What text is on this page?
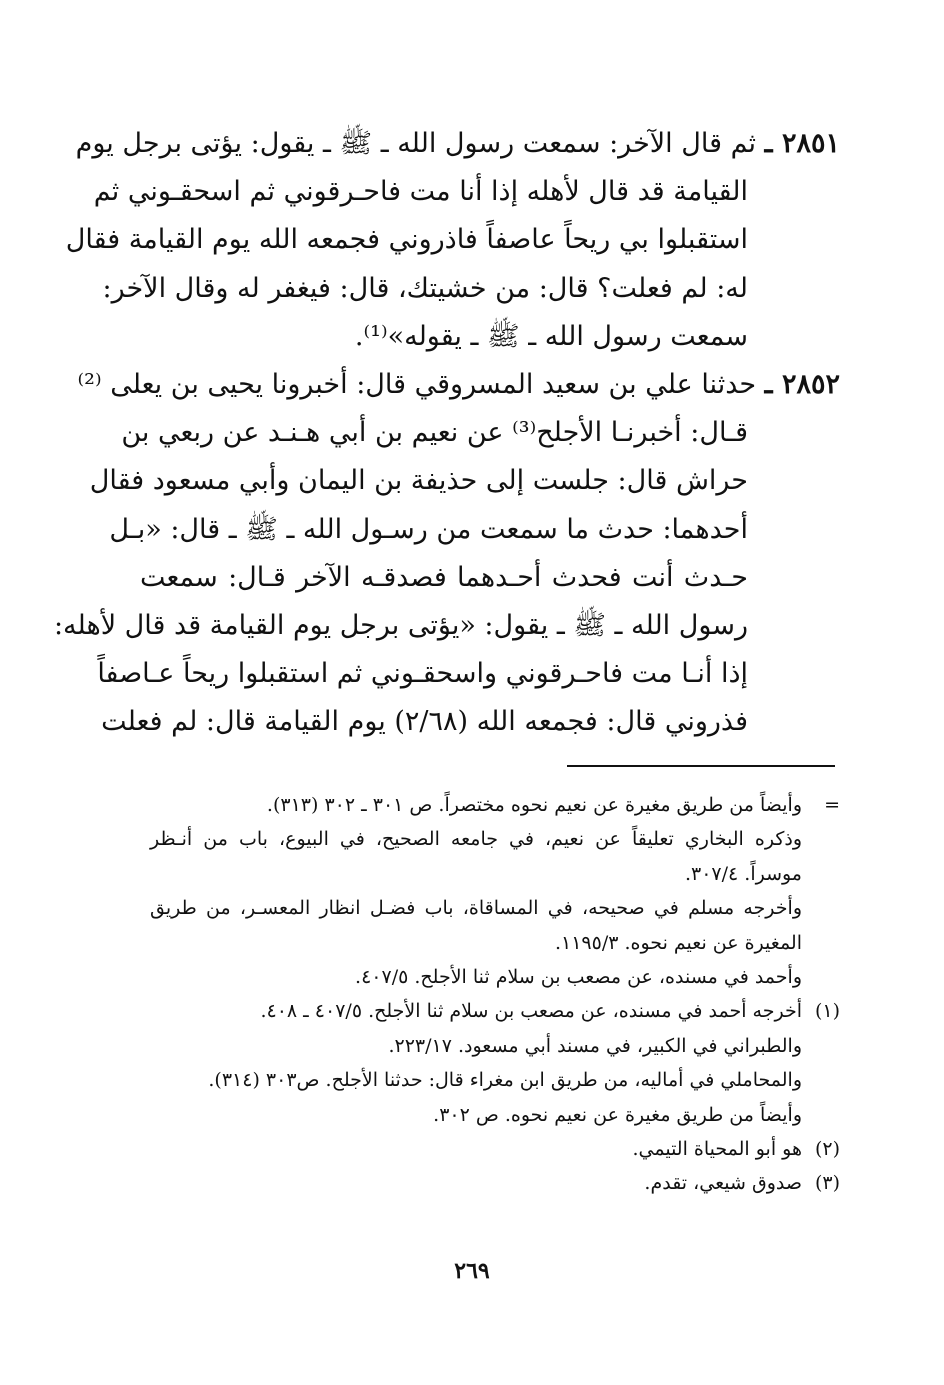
٢٨٥١ ـ ثم قال الآخر: سمعت رسول الله ـ ﷺ ـ يقول: يؤتى برجل يوم
القيامة قد قال لأهله إذا أنا مت فاحـرقوني ثم اسحقـوني ثم
استقبلوا بي ريحاً عاصفاً فاذروني فجمعه الله يوم القيامة فقال
له: لم فعلت؟ قال: من خشيتك، قال: فيغفر له وقال الآخر:
سمعت رسول الله ـ ﷺ ـ يقوله»⁽¹⁾.
٢٨٥٢ ـ حدثنا علي بن سعيد المسروقي قال: أخبرونا يحيى بن يعلى ⁽²⁾
قـال: أخبرنـا الأجلح⁽³⁾ عن نعيم بن أبي هـنـد عن ربعي بن
حراش قال: جلست إلى حذيفة بن اليمان وأبي مسعود فقال
أحدهما: حدث ما سمعت من رسـول الله ـ ﷺ ـ قال: «بـل
حـدث أنت فحدث أحـدهما فصدقـه الآخر قـال: سمعت
رسول الله ـ ﷺ ـ يقول: «يؤتى برجل يوم القيامة قد قال لأهله:
إذا أنـا مت فاحـرقوني واسحقـوني ثم استقبلوا ريحاً عـاصفاً
فذروني قال: فجمعه الله (٢/٦٨) يوم القيامة قال: لم فعلت
=
وأيضاً من طريق مغيرة عن نعيم نحوه مختصراً. ص ٣٠١ ـ ٣٠٢ (٣١٣).
وذكره البخاري تعليقاً عن نعيم، في جامعه الصحيح، في البيوع، باب من أنـظر
موسراً. ٣٠٧/٤.
وأخرجه مسلم في صحيحه، في المساقاة، باب فضـل انظار المعسـر، من طريق
المغيرة عن نعيم نحوه. ١١٩٥/٣.
وأحمد في مسنده، عن مصعب بن سلام ثنا الأجلح. ٤٠٧/٥.
(١)
أخرجه أحمد في مسنده، عن مصعب بن سلام ثنا الأجلح. ٤٠٧/٥ ـ ٤٠٨.
والطبراني في الكبير، في مسند أبي مسعود. ٢٢٣/١٧.
والمحاملي في أماليه، من طريق ابن مغراء قال: حدثنا الأجلح. ص٣٠٣ (٣١٤).
وأيضاً من طريق مغيرة عن نعيم نحوه. ص ٣٠٢.
(٢)
هو أبو المحياة التيمي.
(٣)
صدوق شيعي، تقدم.
٢٦٩
